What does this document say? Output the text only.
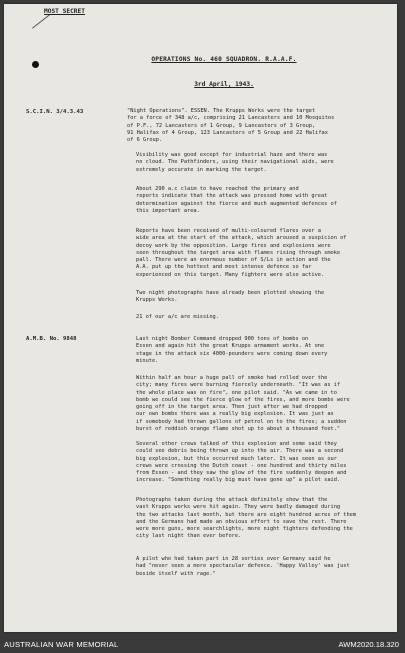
MOST SECRET
OPERATIONS No. 460 SQUADRON. R.A.A.F.
3rd April, 1943.
S.C.I.N. 3/4.3.43	"Night Operations". ESSEN. The Krupps Works were the target
for a force of 348 a/c, comprising 21 Lancasters and 10 Mosquitos
of P.F., 72 Lancasters of 1 Group, 9 Lancasters of 3 Group,
91 Halifax of 4 Group, 123 Lancasters of 5 Group and 22 Halifax
of 6 Group.

Visibility was good except for industrial haze and there was
no cloud. The Pathfinders, using their navigational aids, were
extremely accurate in marking the target.

About 290 a.c claim to have reached the primary and
reports indicate that the attack was pressed home with great
determination against the fierce and much augmented defences of
this important area.

Reports have been received of multi-coloured flares over a
wide area at the start of the attack, which aroused a suspicion of
decoy work by the opposition. Large fires and explosions were
seen throughout the target area with flames rising through smoke
pall. There were an enormous number of S/Ls in action and the
A.A. put up the hottest and most intense defence so far
experienced on this target. Many fighters were also active.

Two night photographs have already been plotted showing the
Krupps Works.

21 of our a/c are missing.

A.M.B. No. 9848	Last night Bomber Command dropped 900 tons of bombs on
Essen and again hit the great Krupps armament works. At one
stage in the attack six 4000-pounders were coming down every
minute.

Within half an hour a huge pall of smoke had rolled over the
city; many fires were burning fiercely underneath. "It was as if
the whole place was on fire", one pilot said. "As we came in to
bomb we could see the fierce glow of the fires, and more bombs were
going off in the target area. Then just after we had dropped
our own bombs there was a really big explosion. It was just as
if somebody had thrown gallons of petrol on to the fires; a sudden
burst of reddish orange flame shot up to about a thousand feet."

Several other crews talked of this explosion and some said they
could see debris being thrown up into the air. There was a second
big explosion, but this occurred much later. It was seen as our
crews were crossing the Dutch coast - one hundred and thirty miles
from Essen - and they saw the glow of the fire suddenly deepen and
increase. "Something really big must have gone up" a pilot said.

Photographs taken during the attack definitely show that the
vast Krupps works were hit again. They were badly damaged during
the two attacks last month, but there are eight hundred acres of them
and the Germans had made an obvious effort to save the rest. There
were more guns, more searchlights, more night fighters defending the
city last night than ever before.

A pilot who had taken part in 28 sorties over Germany said he
had "never seen a more spectacular defence. 'Happy Valley' was just
beside itself with rage."

AUSTRALIAN WAR MEMORIAL	AWM2020.18.320
